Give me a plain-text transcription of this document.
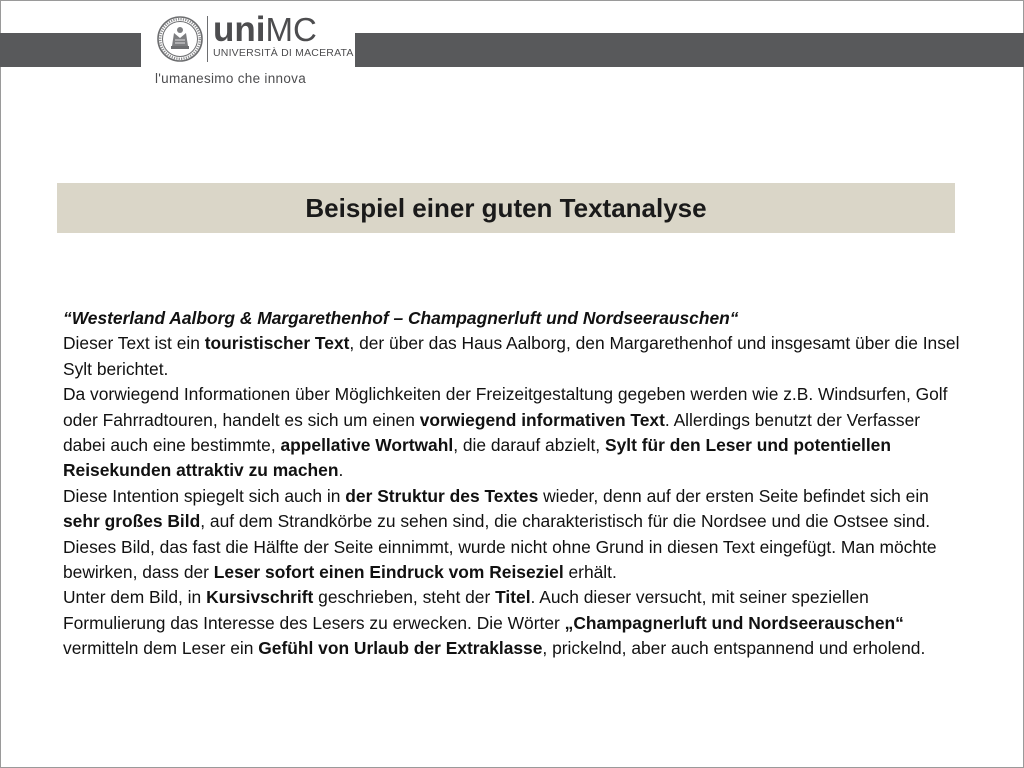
uniMC
UNIVERSITÀ DI MACERATA
l'umanesimo che innova
Beispiel einer guten Textanalyse

“Westerland Aalborg & Margarethenhof – Champagnerluft und Nordseerauschen“

Dieser Text ist ein touristischer Text, der über das Haus Aalborg, den Margarethenhof und insgesamt über die Insel Sylt berichtet.

Da vorwiegend Informationen über Möglichkeiten der Freizeitgestaltung gegeben werden wie z.B. Windsurfen, Golf oder Fahrradtouren, handelt es sich um einen vorwiegend informativen Text. Allerdings benutzt der Verfasser dabei auch eine bestimmte, appellative Wortwahl, die darauf abzielt, Sylt für den Leser und potentiellen Reisekunden attraktiv zu machen.

Diese Intention spiegelt sich auch in der Struktur des Textes wieder, denn auf der ersten Seite befindet sich ein sehr großes Bild, auf dem Strandkörbe zu sehen sind, die charakteristisch für die Nordsee und die Ostsee sind. Dieses Bild, das fast die Hälfte der Seite einnimmt, wurde nicht ohne Grund in diesen Text eingefügt. Man möchte bewirken, dass der Leser sofort einen Eindruck vom Reiseziel erhält.

Unter dem Bild, in Kursivschrift geschrieben, steht der Titel. Auch dieser versucht, mit seiner speziellen Formulierung das Interesse des Lesers zu erwecken. Die Wörter „Champagnerluft und Nordseerauschen“ vermitteln dem Leser ein Gefühl von Urlaub der Extraklasse, prickelnd, aber auch entspannend und erholend.
